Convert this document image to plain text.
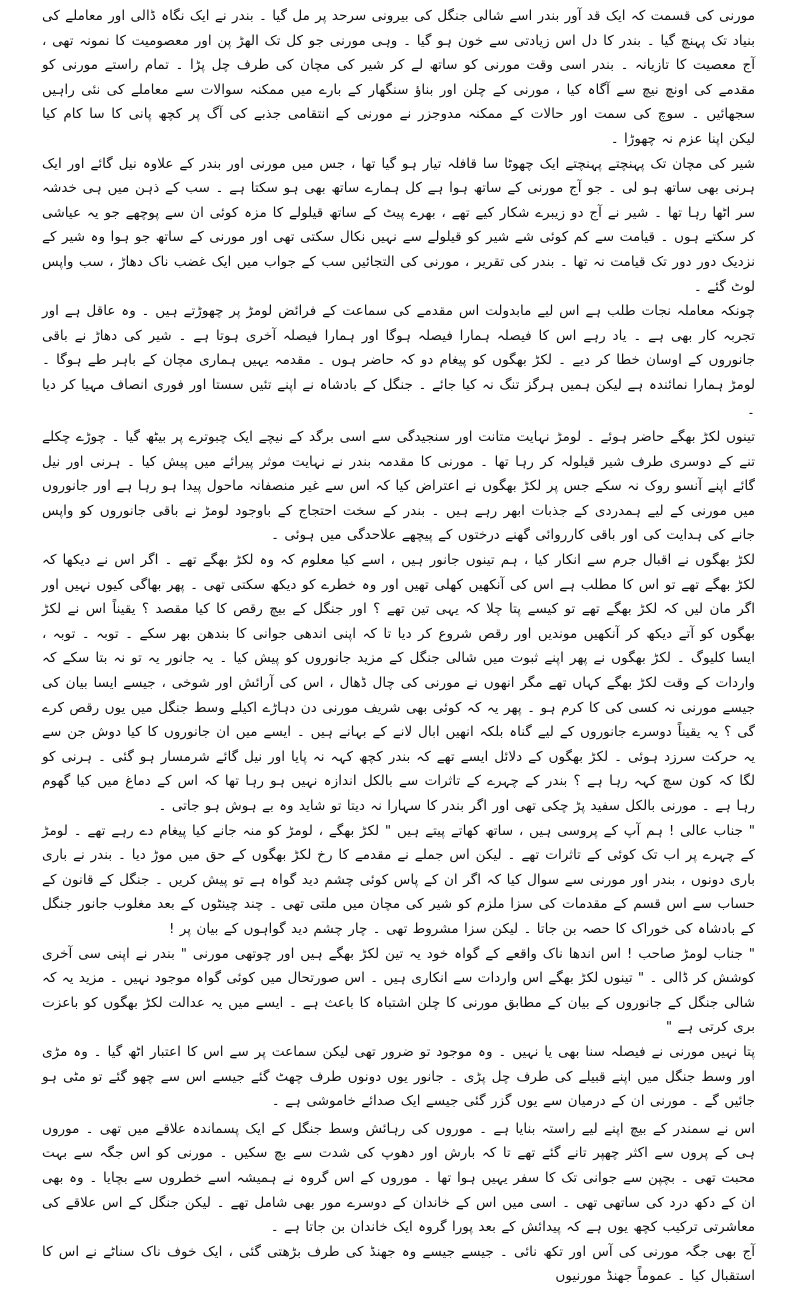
مورنی کی قسمت کہ ایک قد آور بندر اسے شالی جنگل کی بیرونی سرحد پر مل گیا ۔ بندر نے ایک نگاہ ڈالی اور معاملے کی بنیاد تک پہنچ گیا ۔ بندر کا دل اس زیادتی سے خون ہو گیا ۔ وہی مورنی جو کل تک الھڑ پن اور معصومیت کا نمونہ تھی ، آج معصیت کا تازیانہ ۔ بندر اسی وقت مورنی کو ساتھ لے کر شیر کی مچان کی طرف چل پڑا ۔ تمام راستے مورنی کو مقدمے کی اونچ نیچ سے آگاہ کیا ، مورنی کے چلن اور بناؤ سنگھار کے بارے میں ممکنہ سوالات سے معاملے کی نئی راہیں سجھائیں ۔ سوچ کی سمت اور حالات کے ممکنہ مدوجزر نے مورنی کے انتقامی جذبے کی آگ پر کچھ پانی کا سا کام کیا لیکن اپنا عزم نہ چھوڑا ۔

شیر کی مچان تک پہنچتے پہنچتے ایک چھوٹا سا قافلہ تیار ہو گیا تھا ، جس میں مورنی اور بندر کے علاوہ نیل گائے اور ایک ہرنی بھی ساتھ ہو لی ۔ جو آج مورنی کے ساتھ ہوا ہے کل ہمارے ساتھ بھی ہو سکتا ہے ۔ سب کے ذہن میں ہی خدشہ سر اٹھا رہا تھا ۔ شیر نے آج دو زیبرے شکار کیے تھے ، بھرے پیٹ کے ساتھ قیلولے کا مزہ کوئی ان سے پوچھے جو یہ عیاشی کر سکتے ہوں ۔ قیامت سے کم کوئی شے شیر کو قیلولے سے نہیں نکال سکتی تھی اور مورنی کے ساتھ جو ہوا وہ شیر کے نزدیک دور دور تک قیامت نہ تھا ۔ بندر کی تقریر ، مورنی کی التجائیں سب کے جواب میں ایک غضب ناک دھاڑ ، سب واپس لوٹ گئے ۔

چونکہ معاملہ نجات طلب ہے اس لیے مابدولت اس مقدمے کی سماعت کے فرائض لومڑ پر چھوڑتے ہیں ۔ وہ عاقل ہے اور تجربہ کار بھی ہے ۔ یاد رہے اس کا فیصلہ ہمارا فیصلہ ہوگا اور ہمارا فیصلہ آخری ہوتا ہے ۔ شیر کی دھاڑ نے باقی جانوروں کے اوسان خطا کر دیے ۔ لکڑ بھگوں کو پیغام دو کہ حاضر ہوں ۔ مقدمہ یہیں ہماری مچان کے باہر طے ہوگا ۔ لومڑ ہمارا نمائندہ ہے لیکن ہمیں ہرگز تنگ نہ کیا جائے ۔ جنگل کے بادشاہ نے اپنے تئیں سستا اور فوری انصاف مہیا کر دیا ۔

تینوں لکڑ بھگے حاضر ہوئے ۔ لومڑ نہایت متانت اور سنجیدگی سے اسی برگد کے نیچے ایک چبوترے پر بیٹھ گیا ۔ چوڑے چکلے تنے کے دوسری طرف شیر قیلولہ کر رہا تھا ۔ مورنی کا مقدمہ بندر نے نہایت موثر پیرائے میں پیش کیا ۔ ہرنی اور نیل گائے اپنے آنسو روک نہ سکے جس پر لکڑ بھگوں نے اعتراض کیا کہ اس سے غیر منصفانہ ماحول پیدا ہو رہا ہے اور جانوروں میں مورنی کے لیے ہمدردی کے جذبات ابھر رہے ہیں ۔ بندر کے سخت احتجاج کے باوجود لومڑ نے باقی جانوروں کو واپس جانے کی ہدایت کی اور باقی کارروائی گھنے درختوں کے پیچھے علاحدگی میں ہوئی ۔

لکڑ بھگوں نے اقبال جرم سے انکار کیا ، ہم تینوں جانور ہیں ، اسے کیا معلوم کہ وہ لکڑ بھگے تھے ۔ اگر اس نے دیکھا کہ لکڑ بھگے تھے تو اس کا مطلب ہے اس کی آنکھیں کھلی تھیں اور وہ خطرے کو دیکھ سکتی تھی ۔ پھر بھاگی کیوں نہیں اور اگر مان لیں کہ لکڑ بھگے تھے تو کیسے پتا چلا کہ یہی تین تھے ؟ اور جنگل کے بیچ رقص کا کیا مقصد ؟ یقیناً اس نے لکڑ بھگوں کو آتے دیکھ کر آنکھیں موندیں اور رقص شروع کر دیا تا کہ اپنی اندھی جوانی کا بندھن بھر سکے ۔ توبہ ۔ توبہ ، ایسا کلیوگ ۔ لکڑ بھگوں نے پھر اپنے ثبوت میں شالی جنگل کے مزید جانوروں کو پیش کیا ۔ یہ جانور یہ تو نہ بتا سکے کہ واردات کے وقت لکڑ بھگے کہاں تھے مگر انھوں نے مورنی کی چال ڈھال ، اس کی آرائش اور شوخی ، جیسے ایسا بیان کی جیسے مورنی نہ کسی کی کا کرم ہو ۔ پھر یہ کہ کوئی بھی شریف مورنی دن دہاڑے اکیلے وسط جنگل میں یوں رقص کرے گی ؟ یہ یقیناً دوسرے جانوروں کے لیے گناہ بلکہ انھیں ابال لانے کے بہانے ہیں ۔ ایسے میں ان جانوروں کا کیا دوش جن سے یہ حرکت سرزد ہوئی ۔ لکڑ بھگوں کے دلائل ایسے تھے کہ بندر کچھ کہہ نہ پایا اور نیل گائے شرمسار ہو گئی ۔ ہرنی کو لگا کہ کون سچ کہہ رہا ہے ؟ بندر کے چہرے کے تاثرات سے بالکل اندازہ نہیں ہو رہا تھا کہ اس کے دماغ میں کیا گھوم رہا ہے ۔ مورنی بالکل سفید پڑ چکی تھی اور اگر بندر کا سہارا نہ دیتا تو شاید وہ بے ہوش ہو جاتی ۔

" جناب عالی ! ہم آپ کے پروسی ہیں ، ساتھ کھاتے پیتے ہیں " لکڑ بھگے ، لومڑ کو منہ جانے کیا پیغام دے رہے تھے ۔ لومڑ کے چہرے پر اب تک کوئی کے تاثرات تھے ۔ لیکن اس جملے نے مقدمے کا رخ لکڑ بھگوں کے حق میں موڑ دیا ۔ بندر نے باری باری دونوں ، بندر اور مورنی سے سوال کیا کہ اگر ان کے پاس کوئی چشم دید گواہ ہے تو پیش کریں ۔ جنگل کے قانون کے حساب سے اس قسم کے مقدمات کی سزا ملزم کو شیر کی مچان میں ملتی تھی ۔ چند چینٹوں کے بعد مغلوب جانور جنگل کے بادشاہ کی خوراک کا حصہ بن جاتا ۔ لیکن سزا مشروط تھی ۔ چار چشم دید گواہوں کے بیان پر !

" جناب لومڑ صاحب ! اس اندھا ناک واقعے کے گواہ خود یہ تین لکڑ بھگے ہیں اور چوتھی مورنی " بندر نے اپنی سی آخری کوشش کر ڈالی ۔ " تینوں لکڑ بھگے اس واردات سے انکاری ہیں ۔ اس صورتحال میں کوئی گواہ موجود نہیں ۔ مزید یہ کہ شالی جنگل کے جانوروں کے بیان کے مطابق مورنی کا چلن اشتباہ کا باعث ہے ۔ ایسے میں یہ عدالت لکڑ بھگوں کو باعزت بری کرتی ہے "

پتا نہیں مورنی نے فیصلہ سنا بھی یا نہیں ۔ وہ موجود تو ضرور تھی لیکن سماعت پر سے اس کا اعتبار اٹھ گیا ۔ وہ مڑی اور وسط جنگل میں اپنے قبیلے کی طرف چل پڑی ۔ جانور یوں دونوں طرف چھٹ گئے جیسے اس سے چھو گئے تو مٹی ہو جائیں گے ۔ مورنی ان کے درمیان سے یوں گزر گئی جیسے ایک صدائے خاموشی ہے ۔

اس نے سمندر کے بیچ اپنے لیے راستہ بنایا ہے ۔ موروں کی رہائش وسط جنگل کے ایک پسماندہ علاقے میں تھی ۔ موروں ہی کے پروں سے اکثر چھپر تانے گئے تھے تا کہ بارش اور دھوپ کی شدت سے بچ سکیں ۔ مورنی کو اس جگہ سے بہت محبت تھی ۔ بچپن سے جوانی تک کا سفر یہیں ہوا تھا ۔ موروں کے اس گروہ نے ہمیشہ اسے خطروں سے بچایا ۔ وہ بھی ان کے دکھ درد کی ساتھی تھی ۔ اسی میں اس کے خاندان کے دوسرے مور بھی شامل تھے ۔ لیکن جنگل کے اس علاقے کی معاشرتی ترکیب کچھ یوں ہے کہ پیدائش کے بعد پورا گروہ ایک خاندان بن جاتا ہے ۔

آج بھی جگہ مورنی کی آس اور تکھ نائی ۔ جیسے جیسے وہ جھنڈ کی طرف بڑھتی گئی ، ایک خوف ناک سناٹے نے اس کا استقبال کیا ۔ عموماً جھنڈ مورنیوں
